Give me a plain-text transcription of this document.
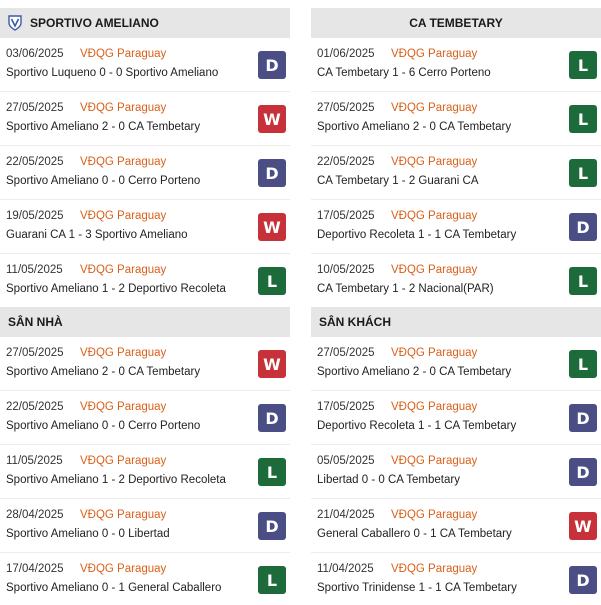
SPORTIVO AMELIANO
03/06/2025 VĐQG Paraguay
Sportivo Luqueno 0 - 0 Sportivo Ameliano	D
27/05/2025 VĐQG Paraguay
Sportivo Ameliano 2 - 0 CA Tembetary	W
22/05/2025 VĐQG Paraguay
Sportivo Ameliano 0 - 0 Cerro Porteno	D
19/05/2025 VĐQG Paraguay
Guarani CA 1 - 3 Sportivo Ameliano	W
11/05/2025 VĐQG Paraguay
Sportivo Ameliano 1 - 2 Deportivo Recoleta	L
CA TEMBETARY
01/06/2025 VĐQG Paraguay
CA Tembetary 1 - 6 Cerro Porteno	L
27/05/2025 VĐQG Paraguay
Sportivo Ameliano 2 - 0 CA Tembetary	L
22/05/2025 VĐQG Paraguay
CA Tembetary 1 - 2 Guarani CA	L
17/05/2025 VĐQG Paraguay
Deportivo Recoleta 1 - 1 CA Tembetary	D
10/05/2025 VĐQG Paraguay
CA Tembetary 1 - 2 Nacional(PAR)	L
SÂN NHÀ
27/05/2025 VĐQG Paraguay
Sportivo Ameliano 2 - 0 CA Tembetary	W
22/05/2025 VĐQG Paraguay
Sportivo Ameliano 0 - 0 Cerro Porteno	D
11/05/2025 VĐQG Paraguay
Sportivo Ameliano 1 - 2 Deportivo Recoleta	L
28/04/2025 VĐQG Paraguay
Sportivo Ameliano 0 - 0 Libertad	D
17/04/2025 VĐQG Paraguay
Sportivo Ameliano 0 - 1 General Caballero	L
SÂN KHÁCH
27/05/2025 VĐQG Paraguay
Sportivo Ameliano 2 - 0 CA Tembetary	L
17/05/2025 VĐQG Paraguay
Deportivo Recoleta 1 - 1 CA Tembetary	D
05/05/2025 VĐQG Paraguay
Libertad 0 - 0 CA Tembetary	D
21/04/2025 VĐQG Paraguay
General Caballero 0 - 1 CA Tembetary	W
11/04/2025 VĐQG Paraguay
Sportivo Trinidense 1 - 1 CA Tembetary	D
